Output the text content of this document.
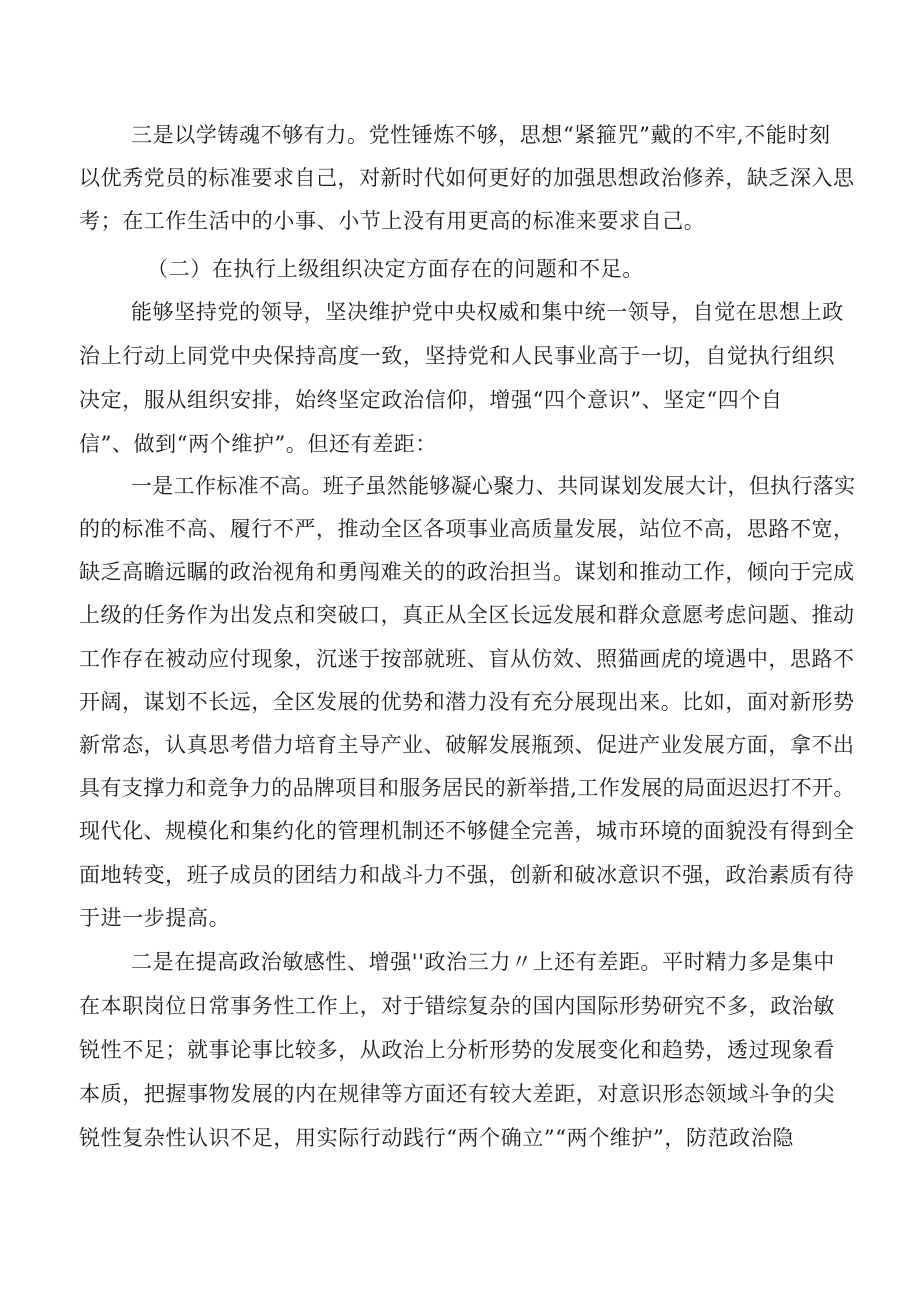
三是以学铸魂不够有力。党性锤炼不够，思想“紧箍咒”戴的不牢,不能时刻
以优秀党员的标准要求自己，对新时代如何更好的加强思想政治修养，缺乏深入思
考；在工作生活中的小事、小节上没有用更高的标准来要求自己。
（二）在执行上级组织决定方面存在的问题和不足。
能够坚持党的领导，坚决维护党中央权威和集中统一领导，自觉在思想上政
治上行动上同党中央保持高度一致，坚持党和人民事业高于一切，自觉执行组织
决定，服从组织安排，始终坚定政治信仰，增强“四个意识”、坚定“四个自
信”、做到“两个维护”。但还有差距：
一是工作标准不高。班子虽然能够凝心聚力、共同谋划发展大计，但执行落实
的的标准不高、履行不严，推动全区各项事业高质量发展，站位不高，思路不宽，
缺乏高瞻远瞩的政治视角和勇闯难关的的政治担当。谋划和推动工作，倾向于完成
上级的任务作为出发点和突破口，真正从全区长远发展和群众意愿考虑问题、推动
工作存在被动应付现象，沉迷于按部就班、盲从仿效、照猫画虎的境遇中，思路不
开阔，谋划不长远，全区发展的优势和潜力没有充分展现出来。比如，面对新形势
新常态，认真思考借力培育主导产业、破解发展瓶颈、促进产业发展方面，拿不出
具有支撑力和竞争力的品牌项目和服务居民的新举措,工作发展的局面迟迟打不开。
现代化、规模化和集约化的管理机制还不够健全完善，城市环境的面貌没有得到全
面地转变，班子成员的团结力和战斗力不强，创新和破冰意识不强，政治素质有待
于进一步提高。
二是在提高政治敏感性、增强''政治三力〃上还有差距。平时精力多是集中
在本职岗位日常事务性工作上，对于错综复杂的国内国际形势研究不多，政治敏
锐性不足；就事论事比较多，从政治上分析形势的发展变化和趋势，透过现象看
本质，把握事物发展的内在规律等方面还有较大差距，对意识形态领域斗争的尖
锐性复杂性认识不足，用实际行动践行“两个确立”“两个维护”，防范政治隐
